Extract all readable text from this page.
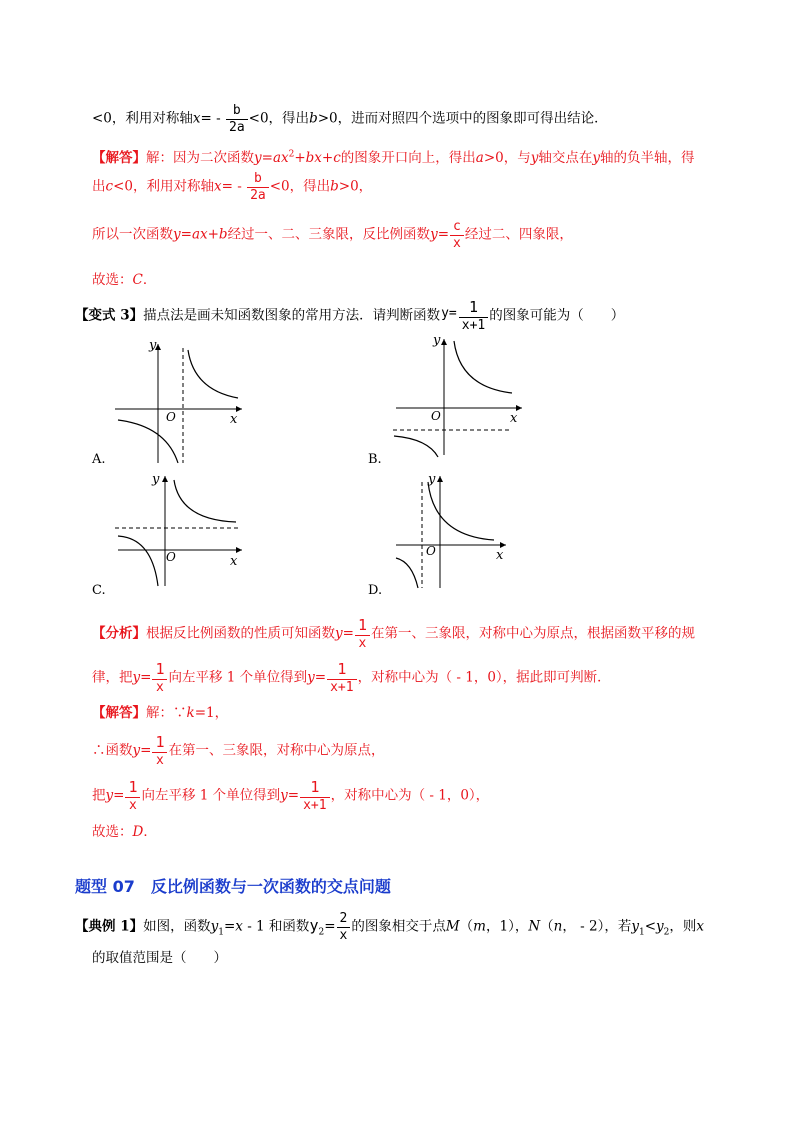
<0，利用对称轴$x= - \frac{b}{2a} <0$，得出b>0，进而对照四个选项中的图象即可得出结论．
【解答】解：因为二次函数$y=ax^2+bx+c$的图象开口向上，得出a>0，与y轴交点在y轴的负半轴，得
出c<0，利用对称轴$x= - \frac{b}{2a} <0$，得出b>0，
所以一次函数y=ax+b经过一、二、三象限，反比例函数$y= \frac{c}{x}$ 经过二、四象限，
故选：C．
【变式 3】描点法是画未知函数图象的常用方法．请判断函数$y= \frac{1}{x+1}$ 的图象可能为（　　）
y
x
O
A.
y
x
O
B.
y
x
O
C.
y
x
O
D.
【分析】根据反比例函数的性质可知函数$y= \frac{1}{x}$ 在第一、三象限，对称中心为原点，根据函数平移的规
律，把$y= \frac{1}{x}$ 向左平移 1 个单位得到$y= \frac{1}{x+1}$ ，对称中心为（ - 1，0），据此即可判断．
【解答】解：∵k=1，
∴函数$y= \frac{1}{x}$ 在第一、三象限，对称中心为原点，
把$y= \frac{1}{x}$ 向左平移 1 个单位得到$y= \frac{1}{x+1}$ ，对称中心为（ - 1，0），
故选：D．
题型 07　反比例函数与一次函数的交点问题
【典例 1】如图，函数$y_1=x - 1$ 和函数$y_2= \frac{2}{x}$ 的图象相交于点M（m，1），N（n， - 2），若$y_1<y_2$，则x
的取值范围是（　　）
